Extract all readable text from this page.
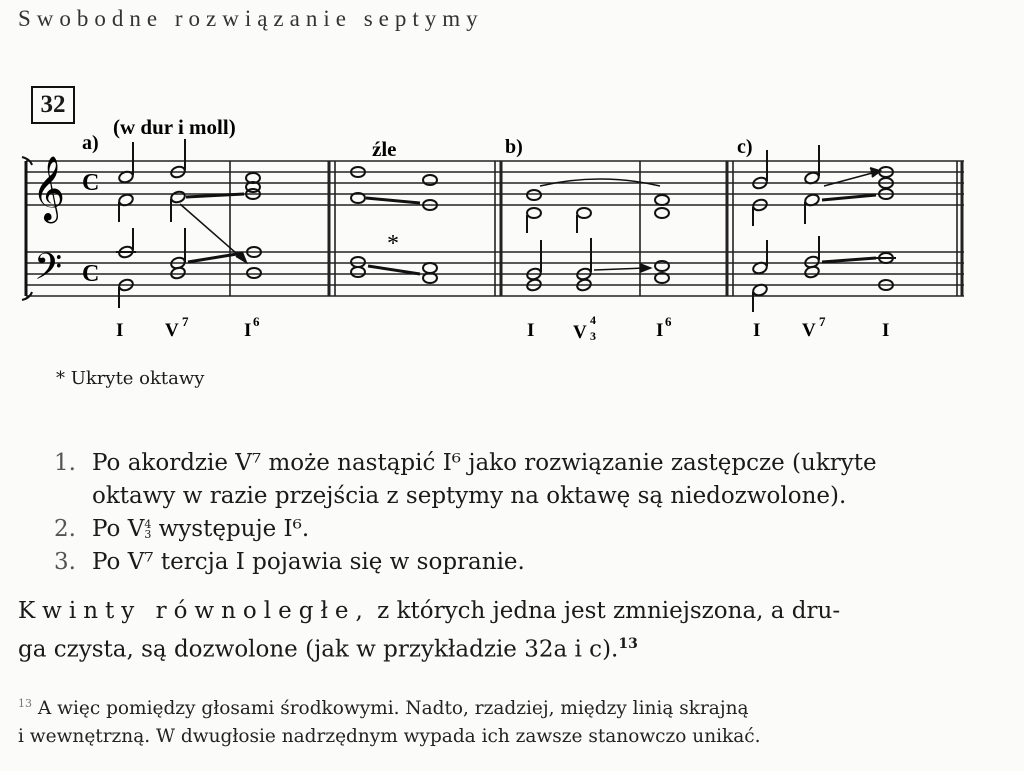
Swobodne rozwiązanie septymy
32
a)
(w dur i moll)
źle	b)	c)
𝄞
𝄢
C
C
*
I V 7	I 6	I V
4
3	I 6	I V 7	I
* Ukryte oktawy
1. Po akordzie V⁷ może nastąpić I⁶ jako rozwiązanie zastępcze (ukryte
oktawy w razie przejścia z septymy na oktawę są niedozwolone).
2. Po V4
3 występuje I⁶.
3. Po V⁷ tercja I pojawia się w sopranie.
Kwinty równoległe, z których jedna jest zmniejszona, a dru-
ga czysta, są dozwolone (jak w przykładzie 32a i c).$^{13}$
$^{13}$ A więc pomiędzy głosami środkowymi. Nadto, rzadziej, między linią skrajną
i wewnętrzną. W dwugłosie nadrzędnym wypada ich zawsze stanowczo unikać.
